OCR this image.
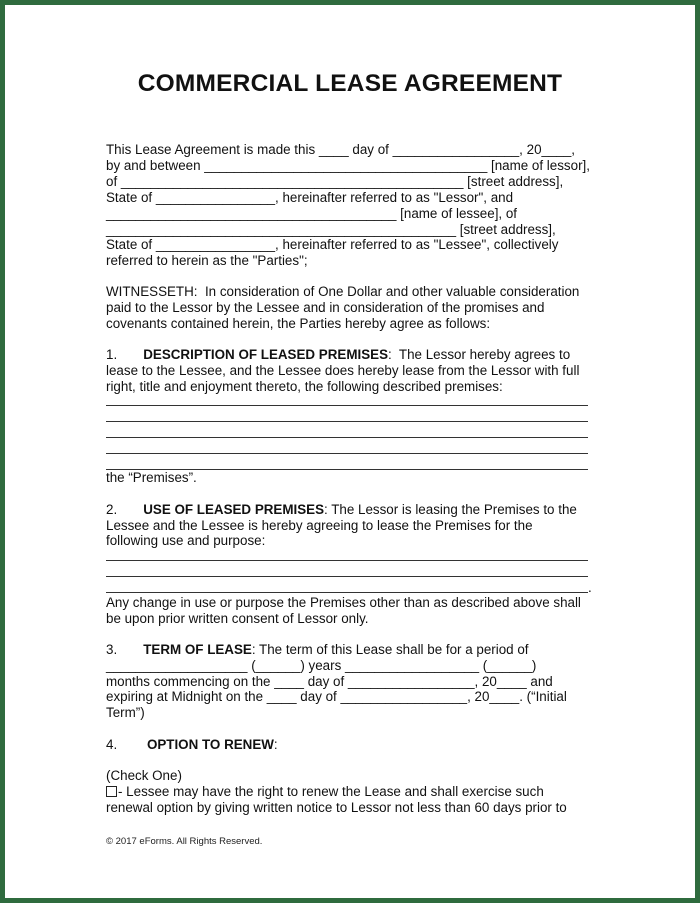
COMMERCIAL LEASE AGREEMENT
This Lease Agreement is made this ____ day of _________________, 20____,
by and between ______________________________________ [name of lessor],
of ______________________________________________ [street address],
State of ________________, hereinafter referred to as "Lessor", and
_______________________________________ [name of lessee], of
_______________________________________________ [street address],
State of ________________, hereinafter referred to as "Lessee", collectively
referred to herein as the "Parties";
WITNESSETH:  In consideration of One Dollar and other valuable consideration
paid to the Lessor by the Lessee and in consideration of the promises and
covenants contained herein, the Parties hereby agree as follows:
1. DESCRIPTION OF LEASED PREMISES:  The Lessor hereby agrees to
lease to the Lessee, and the Lessee does hereby lease from the Lessor with full
right, title and enjoyment thereto, the following described premises:
the “Premises”.
2. USE OF LEASED PREMISES: The Lessor is leasing the Premises to the
Lessee and the Lessee is hereby agreeing to lease the Premises for the
following use and purpose:
.
Any change in use or purpose the Premises other than as described above shall
be upon prior written consent of Lessor only.
3. TERM OF LEASE: The term of this Lease shall be for a period of
___________________ (______) years __________________ (______)
months commencing on the ____ day of _________________, 20____ and
expiring at Midnight on the ____ day of _________________, 20____. (“Initial
Term”)
4. OPTION TO RENEW:
(Check One)
- Lessee may have the right to renew the Lease and shall exercise such
renewal option by giving written notice to Lessor not less than 60 days prior to
© 2017 eForms. All Rights Reserved.
